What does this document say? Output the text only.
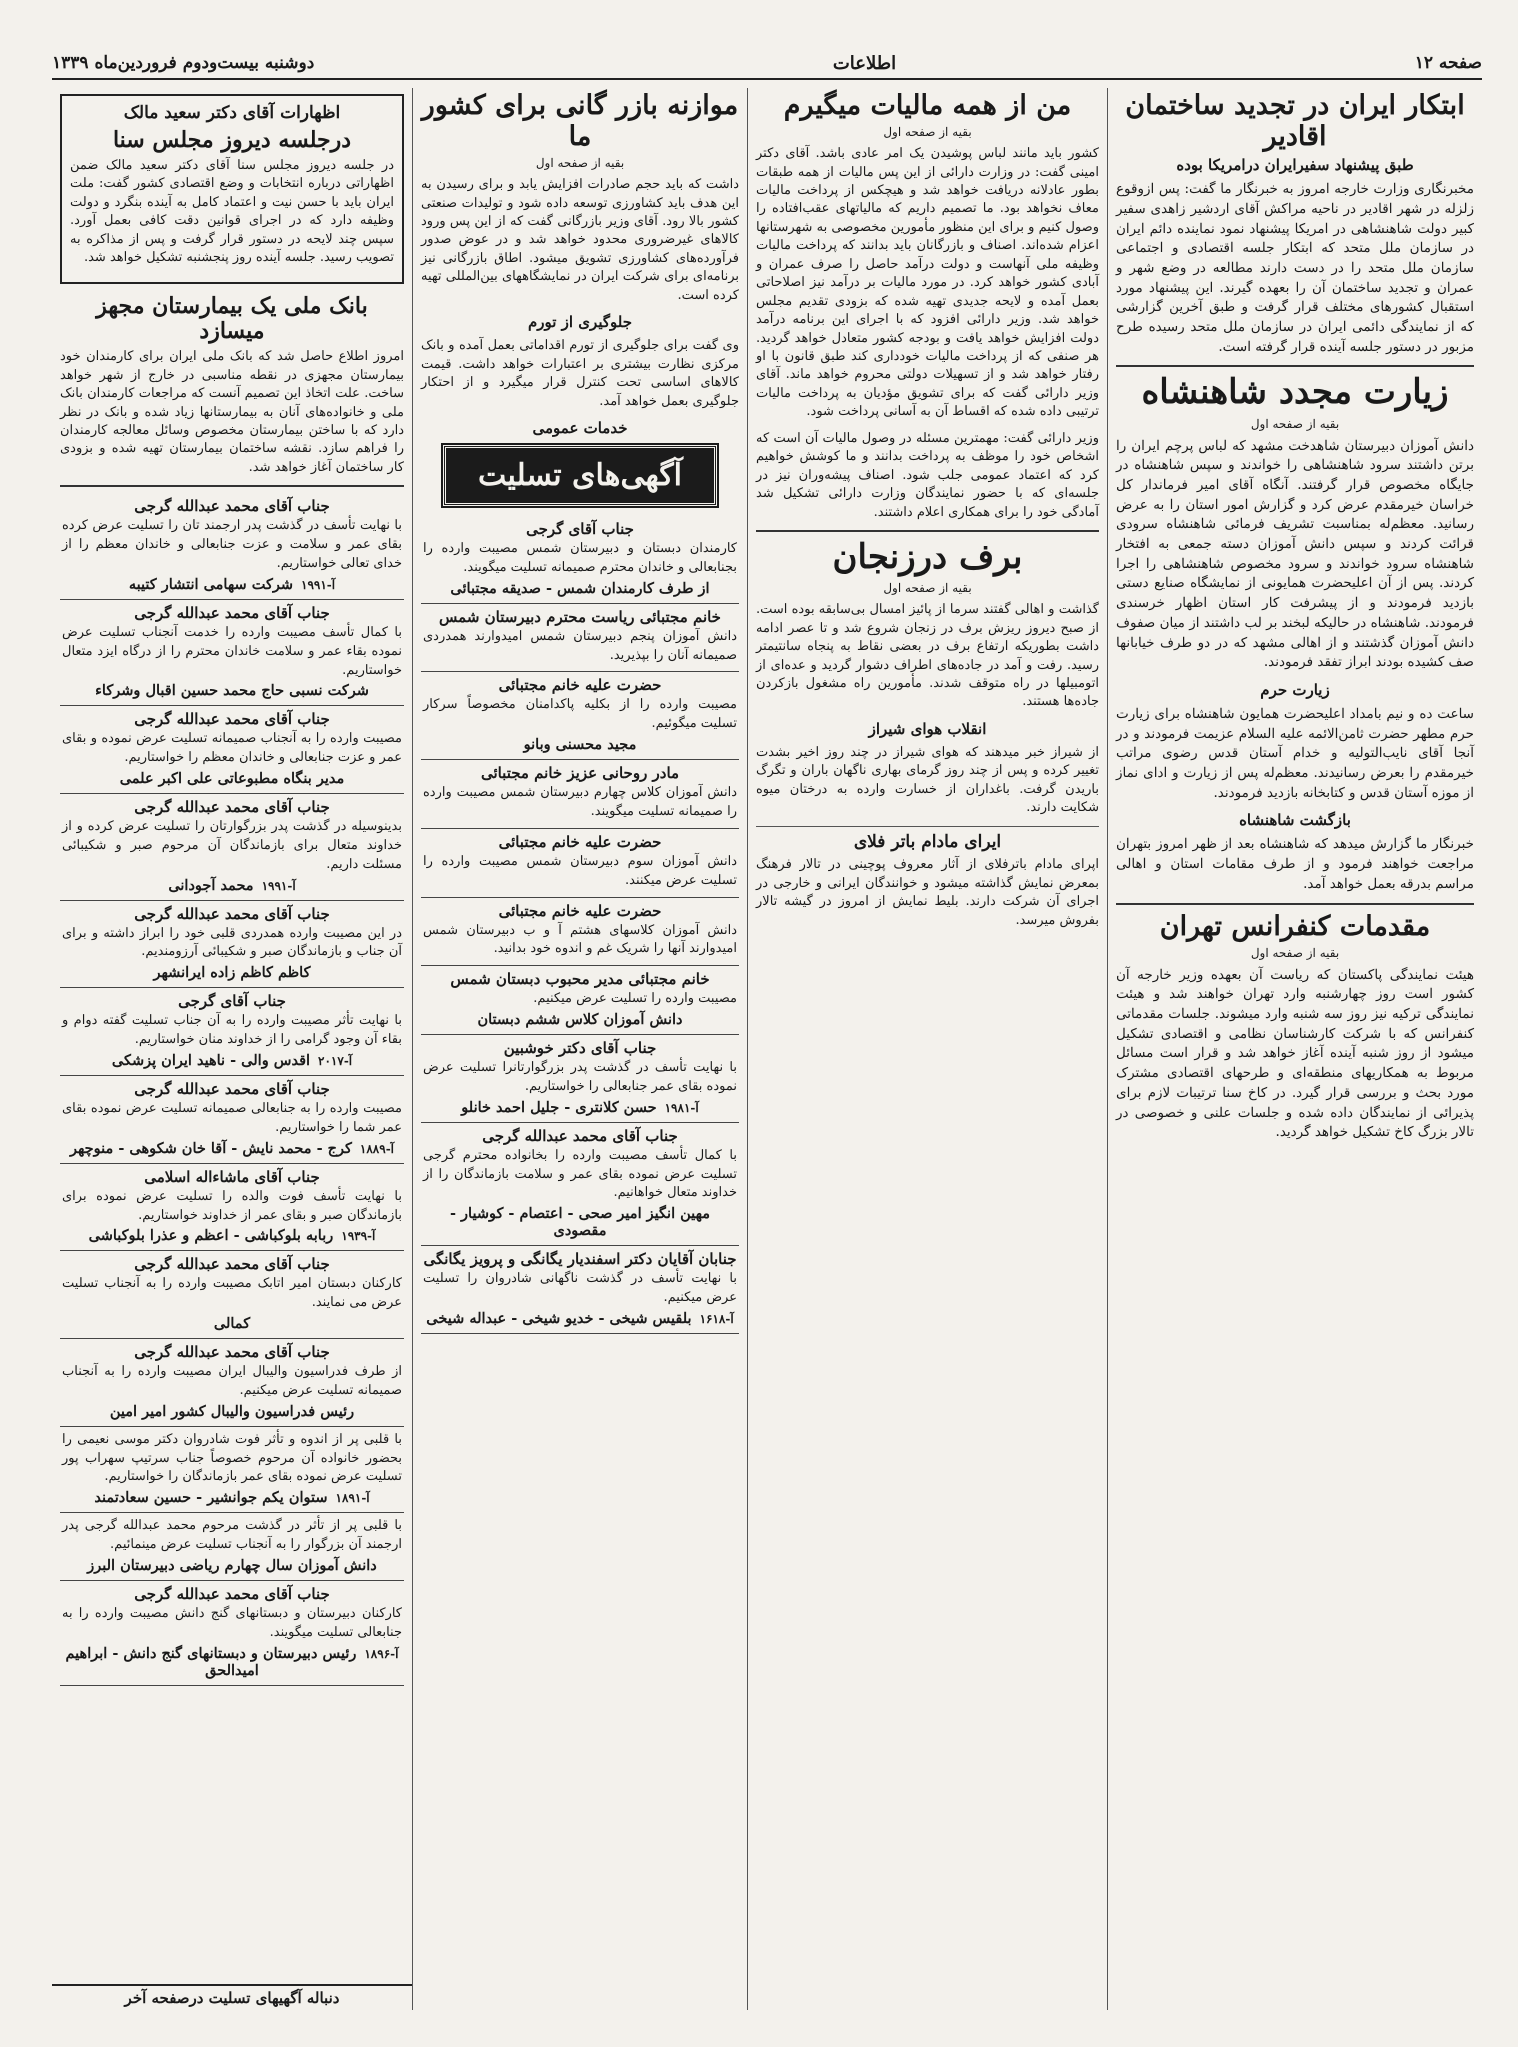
صفحه ۱۲
اطلاعات
دوشنبه بیست‌ودوم فروردین‌ماه ۱۳۳۹
ابتکار ایران در تجدید ساختمان اقادیر
طبق پیشنهاد سفیرایران درامریکا بوده

مخبرنگاری وزارت خارجه امروز به خبرنگار ما گفت: پس ازوقوع زلزله در شهر اقادیر در ناحیه مراکش آقای اردشیر زاهدی سفیر کبیر دولت شاهنشاهی در امریکا پیشنهاد نمود نماینده دائم ایران در سازمان ملل متحد که ابتکار جلسه اقتصادی و اجتماعی سازمان ملل متحد را در دست دارند مطالعه در وضع شهر و عمران و تجدید ساختمان آن را بعهده گیرند. این پیشنهاد مورد استقبال کشورهای مختلف قرار گرفت و طبق آخرین گزارشی که از نمایندگی دائمی ایران در سازمان ملل متحد رسیده طرح مزبور در دستور جلسه آینده قرار گرفته است.

زیارت مجدد شاهنشاه
بقیه از صفحه اول

دانش آموزان دبیرستان شاهدخت مشهد که لباس پرچم ایران را برتن داشتند سرود شاهنشاهی را خواندند و سپس شاهنشاه در جایگاه مخصوص قرار گرفتند. آنگاه آقای امیر فرماندار کل خراسان خیرمقدم عرض کرد و گزارش امور استان را به عرض رسانید. معظم‌له بمناسبت تشریف فرمائی شاهنشاه سرودی قرائت کردند و سپس دانش آموزان دسته جمعی به افتخار شاهنشاه سرود خواندند و سرود مخصوص شاهنشاهی را اجرا کردند. پس از آن اعلیحضرت همایونی از نمایشگاه صنایع دستی بازدید فرمودند و از پیشرفت کار استان اظهار خرسندی فرمودند. شاهنشاه در حالیکه لبخند بر لب داشتند از میان صفوف دانش آموزان گذشتند و از اهالی مشهد که در دو طرف خیابانها صف کشیده بودند ابراز تفقد فرمودند.

زیارت حرم

ساعت ده و نیم بامداد اعلیحضرت همایون شاهنشاه برای زیارت حرم مطهر حضرت ثامن‌الائمه علیه السلام عزیمت فرمودند و در آنجا آقای نایب‌التولیه و خدام آستان قدس رضوی مراتب خیرمقدم را بعرض رسانیدند. معظم‌له پس از زیارت و ادای نماز از موزه آستان قدس و کتابخانه بازدید فرمودند.

بازگشت شاهنشاه

خبرنگار ما گزارش میدهد که شاهنشاه بعد از ظهر امروز بتهران مراجعت خواهند فرمود و از طرف مقامات استان و اهالی مراسم بدرقه بعمل خواهد آمد.

مقدمات کنفرانس تهران
بقیه از صفحه اول

هیئت نمایندگی پاکستان که ریاست آن بعهده وزیر خارجه آن کشور است روز چهارشنبه وارد تهران خواهند شد و هیئت نمایندگی ترکیه نیز روز سه شنبه وارد میشوند. جلسات مقدماتی کنفرانس که با شرکت کارشناسان نظامی و اقتصادی تشکیل میشود از روز شنبه آینده آغاز خواهد شد و قرار است مسائل مربوط به همکاریهای منطقه‌ای و طرحهای اقتصادی مشترک مورد بحث و بررسی قرار گیرد. در کاخ سنا ترتیبات لازم برای پذیرائی از نمایندگان داده شده و جلسات علنی و خصوصی در تالار بزرگ کاخ تشکیل خواهد گردید.

من از همه مالیات میگیرم
بقیه از صفحه اول

کشور باید مانند لباس پوشیدن یک امر عادی باشد. آقای دکتر امینی گفت: در وزارت دارائی از این پس مالیات از همه طبقات بطور عادلانه دریافت خواهد شد و هیچکس از پرداخت مالیات معاف نخواهد بود. ما تصمیم داریم که مالیاتهای عقب‌افتاده را وصول کنیم و برای این منظور مأمورین مخصوصی به شهرستانها اعزام شده‌اند. اصناف و بازرگانان باید بدانند که پرداخت مالیات وظیفه ملی آنهاست و دولت درآمد حاصل را صرف عمران و آبادی کشور خواهد کرد. در مورد مالیات بر درآمد نیز اصلاحاتی بعمل آمده و لایحه جدیدی تهیه شده که بزودی تقدیم مجلس خواهد شد. وزیر دارائی افزود که با اجرای این برنامه درآمد دولت افزایش خواهد یافت و بودجه کشور متعادل خواهد گردید. هر صنفی که از پرداخت مالیات خودداری کند طبق قانون با او رفتار خواهد شد و از تسهیلات دولتی محروم خواهد ماند. آقای وزیر دارائی گفت که برای تشویق مؤدیان به پرداخت مالیات ترتیبی داده شده که اقساط آن به آسانی پرداخت شود.

وزیر دارائی گفت: مهمترین مسئله در وصول مالیات آن است که اشخاص خود را موظف به پرداخت بدانند و ما کوشش خواهیم کرد که اعتماد عمومی جلب شود. اصناف پیشه‌وران نیز در جلسه‌ای که با حضور نمایندگان وزارت دارائی تشکیل شد آمادگی خود را برای همکاری اعلام داشتند.

برف درزنجان
بقیه از صفحه اول

گذاشت و اهالی گفتند سرما از پائیز امسال بی‌سابقه بوده است. از صبح دیروز ریزش برف در زنجان شروع شد و تا عصر ادامه داشت بطوریکه ارتفاع برف در بعضی نقاط به پنجاه سانتیمتر رسید. رفت و آمد در جاده‌های اطراف دشوار گردید و عده‌ای از اتومبیلها در راه متوقف شدند. مأمورین راه مشغول بازکردن جاده‌ها هستند.

انقلاب هوای شیراز

از شیراز خبر میدهند که هوای شیراز در چند روز اخیر بشدت تغییر کرده و پس از چند روز گرمای بهاری ناگهان باران و تگرگ باریدن گرفت. باغداران از خسارت وارده به درختان میوه شکایت دارند.

ایرای مادام باتر فلای

اپرای مادام باترفلای از آثار معروف پوچینی در تالار فرهنگ بمعرض نمایش گذاشته میشود و خوانندگان ایرانی و خارجی در اجرای آن شرکت دارند. بلیط نمایش از امروز در گیشه تالار بفروش میرسد.

موازنه بازر گانی برای کشور ما
بقیه از صفحه اول

داشت که باید حجم صادرات افزایش یابد و برای رسیدن به این هدف باید کشاورزی توسعه داده شود و تولیدات صنعتی کشور بالا رود. آقای وزیر بازرگانی گفت که از این پس ورود کالاهای غیرضروری محدود خواهد شد و در عوض صدور فرآورده‌های کشاورزی تشویق میشود. اطاق بازرگانی نیز برنامه‌ای برای شرکت ایران در نمایشگاههای بین‌المللی تهیه کرده است.

جلوگیری از تورم

وی گفت برای جلوگیری از تورم اقداماتی بعمل آمده و بانک مرکزی نظارت بیشتری بر اعتبارات خواهد داشت. قیمت کالاهای اساسی تحت کنترل قرار میگیرد و از احتکار جلوگیری بعمل خواهد آمد.

خدمات عمومی
آگهی‌های تسلیت
جناب آقای گرجی
کارمندان دبستان و دبیرستان شمس مصیبت وارده را بجنابعالی و خاندان محترم صمیمانه تسلیت میگویند.
از طرف کارمندان شمس - صدیقه مجتبائی
خانم مجتبائی ریاست محترم دبیرستان شمس
دانش آموزان پنجم دبیرستان شمس امیدوارند همدردی صمیمانه آنان را بپذیرید.
حضرت علیه خانم مجتبائی
مصیبت وارده را از بکلیه پاکدامنان مخصوصاً سرکار تسلیت میگوئیم.
مجید محسنی وبانو
مادر روحانی عزیز خانم مجتبائی
دانش آموزان کلاس چهارم دبیرستان شمس مصیبت وارده را صمیمانه تسلیت میگویند.
حضرت علیه خانم مجتبائی
دانش آموزان سوم دبیرستان شمس مصیبت وارده را تسلیت عرض میکنند.
حضرت علیه خانم مجتبائی
دانش آموزان کلاسهای هشتم آ و ب دبیرستان شمس امیدوارند آنها را شریک غم و اندوه خود بدانید.
خانم مجتبائی مدیر محبوب دبستان شمس
مصیبت وارده را تسلیت عرض میکنیم.
دانش آموزان کلاس ششم دبستان
جناب آقای دکتر خوشبین
با نهایت تأسف در گذشت پدر بزرگوارتانرا تسلیت عرض نموده بقای عمر جنابعالی را خواستاریم.
آ-۱۹۸۱حسن کلانتری - جلیل احمد خانلو
جناب آقای محمد عبدالله گرجی
با کمال تأسف مصیبت وارده را بخانواده محترم گرجی تسلیت عرض نموده بقای عمر و سلامت بازماندگان را از خداوند متعال خواهانیم.
مهین انگیز امیر صحی - اعتصام - کوشیار - مقصودی
جنابان آقایان دکتر اسفندیار یگانگی و پرویز یگانگی
با نهایت تأسف در گذشت ناگهانی شادروان را تسلیت عرض میکنیم.
آ-۱۶۱۸بلقیس شیخی - خدیو شیخی - عبداله شیخی
اظهارات آقای دکتر سعید مالک
درجلسه دیروز مجلس سنا

در جلسه دیروز مجلس سنا آقای دکتر سعید مالک ضمن اظهاراتی درباره انتخابات و وضع اقتصادی کشور گفت: ملت ایران باید با حسن نیت و اعتماد کامل به آینده بنگرد و دولت وظیفه دارد که در اجرای قوانین دقت کافی بعمل آورد. سپس چند لایحه در دستور قرار گرفت و پس از مذاکره به تصویب رسید. جلسه آینده روز پنجشنبه تشکیل خواهد شد.

بانک ملی یک بیمارستان مجهز میسازد

امروز اطلاع حاصل شد که بانک ملی ایران برای کارمندان خود بیمارستان مجهزی در نقطه مناسبی در خارج از شهر خواهد ساخت. علت اتخاذ این تصمیم آنست که مراجعات کارمندان بانک ملی و خانواده‌های آنان به بیمارستانها زیاد شده و بانک در نظر دارد که با ساختن بیمارستان مخصوص وسائل معالجه کارمندان را فراهم سازد. نقشه ساختمان بیمارستان تهیه شده و بزودی کار ساختمان آغاز خواهد شد.

جناب آقای محمد عبدالله گرجی
با نهایت تأسف در گذشت پدر ارجمند تان را تسلیت عرض کرده بقای عمر و سلامت و عزت جنابعالی و خاندان معظم را از خدای تعالی خواستاریم.
آ-۱۹۹۱شرکت سهامی انتشار کتیبه
جناب آقای محمد عبدالله گرجی
با کمال تأسف مصیبت وارده را خدمت آنجناب تسلیت عرض نموده بقاء عمر و سلامت خاندان محترم را از درگاه ایزد متعال خواستاریم.
شرکت نسبی حاج محمد حسین اقبال وشرکاء
جناب آقای محمد عبدالله گرجی
مصیبت وارده را به آنجناب صمیمانه تسلیت عرض نموده و بقای عمر و عزت جنابعالی و خاندان معظم را خواستاریم.
مدیر بنگاه مطبوعاتی علی اکبر علمی
جناب آقای محمد عبدالله گرجی
بدینوسیله در گذشت پدر بزرگوارتان را تسلیت عرض کرده و از خداوند متعال برای بازماندگان آن مرحوم صبر و شکیبائی مسئلت داریم.
آ-۱۹۹۱محمد آجودانی
جناب آقای محمد عبدالله گرجی
در این مصیبت وارده همدردی قلبی خود را ابراز داشته و برای آن جناب و بازماندگان صبر و شکیبائی آرزومندیم.
کاظم کاظم زاده ایرانشهر
جناب آقای گرجی
با نهایت تأثر مصیبت وارده را به آن جناب تسلیت گفته دوام و بقاء آن وجود گرامی را از خداوند منان خواستاریم.
آ-۲۰۱۷اقدس والی - ناهید ایران پزشکی
جناب آقای محمد عبدالله گرجی
مصیبت وارده را به جنابعالی صمیمانه تسلیت عرض نموده بقای عمر شما را خواستاریم.
آ-۱۸۸۹کرج - محمد نایش - آقا خان شکوهی - منوچهر
جناب آقای ماشاءاله اسلامی
با نهایت تأسف فوت والده را تسلیت عرض نموده برای بازماندگان صبر و بقای عمر از خداوند خواستاریم.
آ-۱۹۳۹ربابه بلوکباشی - اعظم و عذرا بلوکباشی
جناب آقای محمد عبدالله گرجی
کارکنان دبستان امیر اتابک مصیبت وارده را به آنجناب تسلیت عرض می نمایند.
کمالی
جناب آقای محمد عبدالله گرجی
از طرف فدراسیون والیبال ایران مصیبت وارده را به آنجناب صمیمانه تسلیت عرض میکنیم.
رئیس فدراسیون والیبال کشور امیر امین
با قلبی پر از اندوه و تأثر فوت شادروان دکتر موسی نعیمی را بحضور خانواده آن مرحوم خصوصاً جناب سرتیپ سهراب پور تسلیت عرض نموده بقای عمر بازماندگان را خواستاریم.
آ-۱۸۹۱ستوان یکم جوانشیر - حسین سعادتمند
با قلبی پر از تأثر در گذشت مرحوم محمد عبدالله گرجی پدر ارجمند آن بزرگوار را به آنجناب تسلیت عرض مینمائیم.
دانش آموزان سال چهارم ریاضی دبیرستان البرز
جناب آقای محمد عبدالله گرجی
کارکنان دبیرستان و دبستانهای گنج دانش مصیبت وارده را به جنابعالی تسلیت میگویند.
آ-۱۸۹۶رئیس دبیرستان و دبستانهای گنج دانش - ابراهیم امیدالحق
دنباله آگهیهای تسلیت درصفحه آخر
